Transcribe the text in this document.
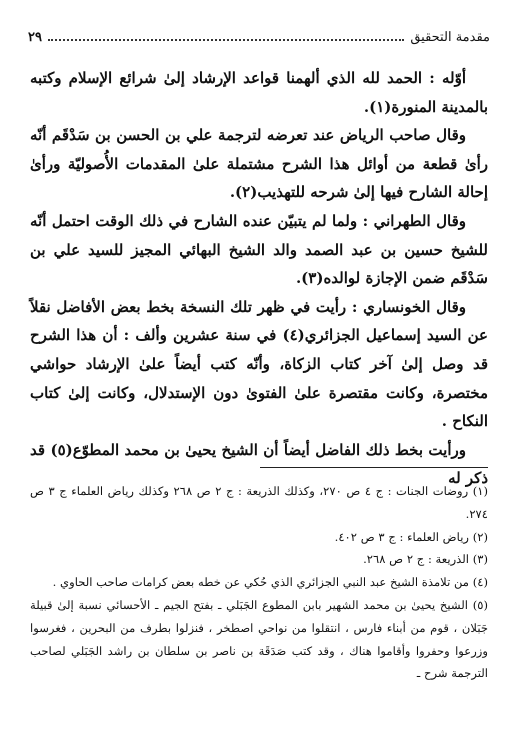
مقدمة التحقيق
٢٩

أوّله : الحمد لله الذي ألهمنا قواعد الإرشاد إلىٰ شرائع الإسلام وكتبه بالمدينة المنورة(١).

وقال صاحب الرياض عند تعرضه لترجمة علي بن الحسن بن سَدْقَم أنّه رأىٰ قطعة من أوائل هذا الشرح مشتملة علىٰ المقدمات الأُصوليّة ورأىٰ إحالة الشارح فيها إلىٰ شرحه للتهذيب(٢).

وقال الطهراني : ولما لم يتبيّن عنده الشارح في ذلك الوقت احتمل أنّه للشيخ حسين بن عبد الصمد والد الشيخ البهائي المجيز للسيد علي بن سَدْقَم ضمن الإجازة لوالده(٣).

وقال الخونساري : رأيت في ظهر تلك النسخة بخط بعض الأفاضل نقلاً عن السيد إسماعيل الجزائري(٤) في سنة عشرين وألف : أن هذا الشرح قد وصل إلىٰ آخر كتاب الزكاة، وأنّه كتب أيضاً علىٰ الإرشاد حواشي مختصرة، وكانت مقتصرة علىٰ الفتوىٰ دون الإستدلال، وكانت إلىٰ كتاب النكاح .

ورأيت بخط ذلك الفاضل أيضاً أن الشيخ يحيىٰ بن محمد المطوّع(٥) قد ذكر له

(١) روضات الجنات : ج ٤ ص ٢٧٠، وكذلك الذريعة : ج ٢ ص ٢٦٨ وكذلك رياض العلماء ج ٣ ص ٢٧٤.

(٢) رياض العلماء : ج ٣ ص ٤٠٢.

(٣) الذريعة : ج ٢ ص ٢٦٨.

(٤) من تلامذة الشيخ عبد النبي الجزائري الذي حُكي عن خطه بعض كرامات صاحب الحاوي .

(٥) الشيخ يحيىٰ بن محمد الشهير بابن المطوع الجَبَلي ـ بفتح الجيم ـ الأحسائي نسبة إلىٰ قبيلة جَبَلان ، قوم من أبناء فارس ، انتقلوا من نواحي اصطخر ، فنزلوا بطرف من البحرين ، فغرسوا وزرعوا وحفروا وأقاموا هناك ، وقد كتب صَدَقَة بن ناصر بن سلطان بن راشد الجَبَلي لصاحب الترجمة شرح ـ
